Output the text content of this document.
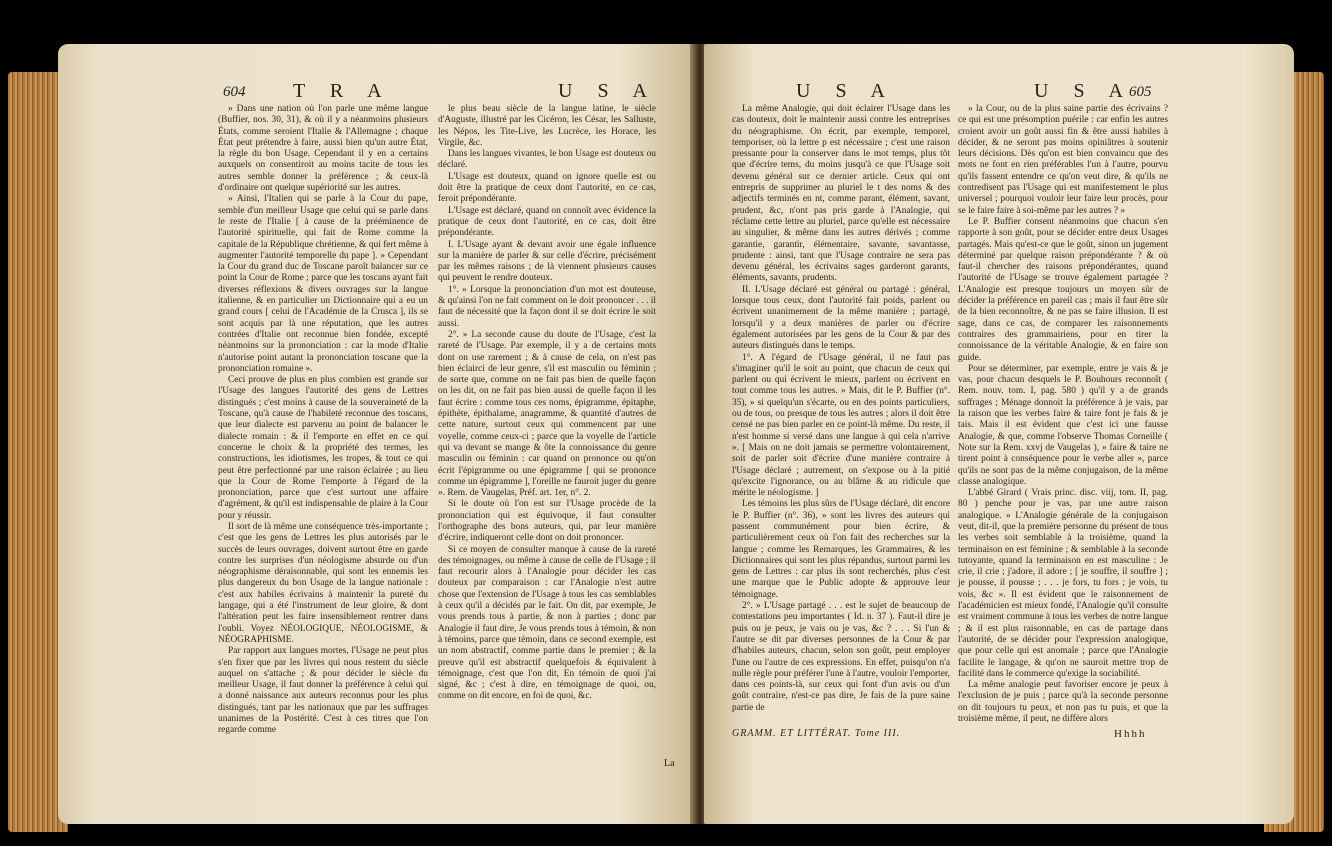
604 T R A	U S A

» Dans une nation où l'on parle une même langue (Buffier, nos. 30, 31), & où il y a néanmoins plusieurs États, comme seroient l'Italie & l'Allemagne ; chaque État peut prétendre à faire, aussi bien qu'un autre État, la règle du bon Usage. Cependant il y en a certains auxquels on consentiroit au moins tacite de tous les autres semble donner la préférence ; & ceux-là d'ordinaire ont quelque supériorité sur les autres.

» Ainsi, l'Italien qui se parle à la Cour du pape, semble d'un meilleur Usage que celui qui se parle dans le reste de l'Italie [ à cause de la prééminence de l'autorité spirituelle, qui fait de Rome comme la capitale de la République chrétienne, & qui fert même à augmenter l'autorité temporelle du pape ]. » Cependant la Cour du grand duc de Toscane paroît balancer sur ce point la Cour de Rome ; parce que les toscans ayant fait diverses réflexions & divers ouvrages sur la langue italienne, & en particulier un Dictionnaire qui a eu un grand cours [ celui de l'Académie de la Crusca ], ils se sont acquis par là une réputation, que les autres contrées d'Italie ont reconnue bien fondée, excepté néanmoins sur la prononciation : car la mode d'Italie n'autorise point autant la prononciation toscane que la prononciation romaine ».

Ceci prouve de plus en plus combien est grande sur l'Usage des langues l'autorité des gens de Lettres distingués ; c'est moins à cause de la souveraineté de la Toscane, qu'à cause de l'habileté reconnue des toscans, que leur dialecte est parvenu au point de balancer le dialecte romain : & il l'emporte en effet en ce qui concerne le choix & la propriété des termes, les constructions, les idiotismes, les tropes, & tout ce qui peut être perfectionné par une raison éclairée ; au lieu que la Cour de Rome l'emporte à l'égard de la prononciation, parce que c'est surtout une affaire d'agrément, & qu'il est indispensable de plaire à la Cour pour y réussir.

Il sort de là même une conséquence très-importante ; c'est que les gens de Lettres les plus autorisés par le succès de leurs ouvrages, doivent surtout être en garde contre les surprises d'un néologisme absurde ou d'un néographisme déraisonnable, qui sont les ennemis les plus dangereux du bon Usage de la langue nationale : c'est aux habiles écrivains à maintenir la pureté du langage, qui a été l'instrument de leur gloire, & dont l'altération peut les faire insensiblement rentrer dans l'oubli. Voyez NÉOLOGIQUE, NÉOLOGISME, & NÉOGRAPHISME.

Par rapport aux langues mortes, l'Usage ne peut plus s'en fixer que par les livres qui nous restent du siècle auquel on s'attache ; & pour décider le siècle du meilleur Usage, il faut donner la préférence à celui qui a donné naissance aux auteurs reconnus pour les plus distingués, tant par les nationaux que par les suffrages unanimes de la Postérité. C'est à ces titres que l'on regarde comme

le plus beau siècle de la langue latine, le siècle d'Auguste, illustré par les Cicéron, les César, les Salluste, les Népos, les Tite-Live, les Lucrèce, les Horace, les Virgile, &c.

Dans les langues vivantes, le bon Usage est douteux ou déclaré.

L'Usage est douteux, quand on ignore quelle est ou doit être la pratique de ceux dont l'autorité, en ce cas, feroit prépondérante.

L'Usage est déclaré, quand on connoît avec évidence la pratique de ceux dont l'autorité, en ce cas, doit être prépondérante.

I. L'Usage ayant & devant avoir une égale influence sur la manière de parler & sur celle d'écrire, précisément par les mêmes raisons ; de là viennent plusieurs causes qui peuvent le rendre douteux.

1°. » Lorsque la prononciation d'un mot est douteuse, & qu'ainsi l'on ne fait comment on le doit prononcer . . . il faut de nécessité que la façon dont il se doit écrire le soit aussi.

2°. » La seconde cause du doute de l'Usage, c'est la rareté de l'Usage. Par exemple, il y a de certains mots dont on use rarement ; & à cause de cela, on n'est pas bien éclairci de leur genre, s'il est masculin ou féminin ; de sorte que, comme on ne fait pas bien de quelle façon on les dit, on ne fait pas bien aussi de quelle façon il les faut écrire : comme tous ces noms, épigramme, épitaphe, épithète, épithalame, anagramme, & quantité d'autres de cette nature, surtout ceux qui commencent par une voyelle, comme ceux-ci ; parce que la voyelle de l'article qui va devant se mange & ôte la connoissance du genre masculin ou féminin : car quand on prononce ou qu'on écrit l'épigramme ou une épigramme [ qui se prononce comme un épigramme ], l'oreille ne fauroit juger du genre ». Rem. de Vaugelas, Préf. art. 1er, n°. 2.

Si le doute où l'on est sur l'Usage procède de la prononciation qui est équivoque, il faut consulter l'orthographe des bons auteurs, qui, par leur manière d'écrire, indiqueront celle dont on doit prononcer.

Si ce moyen de consulter manque à cause de la rareté des témoignages, ou même à cause de celle de l'Usage ; il faut recourir alors à l'Analogie pour décider les cas douteux par comparaison : car l'Analogie n'est autre chose que l'extension de l'Usage à tous les cas semblables à ceux qu'il a décidés par le fait. On dit, par exemple, Je vous prends tous à partie, & non à parties ; donc par Analogie il faut dire, Je vous prends tous à témoin, & non à témoins, parce que témoin, dans ce second exemple, est un nom abstractif, comme partie dans le premier ; & la preuve qu'il est abstractif quelquefois & équivalent à témoignage, c'est que l'on dit, En témoin de quoi j'ai signé, &c ; c'est à dire, en témoignage de quoi, ou, comme on dit encore, en foi de quoi, &c.

La
U S A	U S A
605

La même Analogie, qui doit éclairer l'Usage dans les cas douteux, doit le maintenir aussi contre les entreprises du néographisme. On écrit, par exemple, temporel, temporiser, où la lettre p est nécessaire ; c'est une raison pressante pour la conserver dans le mot temps, plus tôt que d'écrire tems, du moins jusqu'à ce que l'Usage soit devenu général sur ce dernier article. Ceux qui ont entrepris de supprimer au pluriel le t des noms & des adjectifs terminés en nt, comme parant, élément, savant, prudent, &c, n'ont pas pris garde à l'Analogie, qui réclame cette lettre au pluriel, parce qu'elle est nécessaire au singulier, & même dans les autres dérivés ; comme garantie, garantir, élémentaire, savante, savantasse, prudente : ainsi, tant que l'Usage contraire ne sera pas devenu général, les écrivains sages garderont garants, éléments, savants, prudents.

II. L'Usage déclaré est général ou partagé : général, lorsque tous ceux, dont l'autorité fait poids, parlent ou écrivent unanimement de la même manière ; partagé, lorsqu'il y a deux manières de parler ou d'écrire également autorisées par les gens de la Cour & par des auteurs distingués dans le temps.

1°. A l'égard de l'Usage général, il ne faut pas s'imaginer qu'il le soit au point, que chacun de ceux qui parlent ou qui écrivent le mieux, parlent ou écrivent en tout comme tous les autres. » Mais, dit le P. Buffier (n°. 35), » si quelqu'un s'écarte, ou en des points particuliers, ou de tous, ou presque de tous les autres ; alors il doit être censé ne pas bien parler en ce point-là même. Du reste, il n'est homme si versé dans une langue à qui cela n'arrive ». [ Mais on ne doit jamais se permettre volontairement, soit de parler soit d'écrire d'une manière contraire à l'Usage déclaré ; autrement, on s'expose ou à la pitié qu'excite l'ignorance, ou au blâme & au ridicule que mérite le néologisme. ]

Les témoins les plus sûrs de l'Usage déclaré, dit encore le P. Buffier (n°. 36), » sont les livres des auteurs qui passent communément pour bien écrire, & particulièrement ceux où l'on fait des recherches sur la langue ; comme les Remarques, les Grammaires, & les Dictionnaires qui sont les plus répandus, surtout parmi les gens de Lettres : car plus ils sont recherchés, plus c'est une marque que le Public adopte & approuve leur témoignage.

2°. » L'Usage partagé . . . est le sujet de beaucoup de contestations peu importantes ( Id. n. 37 ). Faut-il dire je puis ou je peux, je vais ou je vas, &c ? . . . Si l'un & l'autre se dit par diverses personnes de la Cour & par d'habiles auteurs, chacun, selon son goût, peut employer l'une ou l'autre de ces expressions. En effet, puisqu'on n'a nulle règle pour préférer l'une à l'autre, vouloir l'emporter, dans ces points-là, sur ceux qui font d'un avis ou d'un goût contraire, n'est-ce pas dire, Je fais de la pure saine partie de

» la Cour, ou de la plus saine partie des écrivains ? ce qui est une présomption puérile : car enfin les autres croient avoir un goût aussi fin & être aussi habiles à décider, & ne seront pas moins opiniâtres à soutenir leurs décisions. Dès qu'on est bien convaincu que des mots ne font en rien préférables l'un à l'autre, pourvu qu'ils fassent entendre ce qu'on veut dire, & qu'ils ne contredisent pas l'Usage qui est manifestement le plus universel ; pourquoi vouloir leur faire leur procès, pour se le faire faire à soi-même par les autres ? »

Le P. Buffier consent néanmoins que chacun s'en rapporte à son goût, pour se décider entre deux Usages partagés. Mais qu'est-ce que le goût, sinon un jugement déterminé par quelque raison prépondérante ? & où faut-il chercher des raisons prépondérantes, quand l'autorité de l'Usage se trouve également partagée ? L'Analogie est presque toujours un moyen sûr de décider la préférence en pareil cas ; mais il faut être sûr de la bien reconnoître, & ne pas se faire illusion. Il est sage, dans ce cas, de comparer les raisonnements contraires des grammairiens, pour en tirer la connoissance de la véritable Analogie, & en faire son guide.

Pour se déterminer, par exemple, entre je vais & je vas, pour chacun desquels le P. Bouhours reconnoît ( Rem. nouv. tom. I, pag. 580 ) qu'il y a de grands suffrages ; Ménage donnoit la préférence à je vais, par la raison que les verbes faire & taire font je fais & je tais. Mais il est évident que c'est ici une fausse Analogie, & que, comme l'observe Thomas Corneille ( Note sur la Rem. xxvj de Vaugelas ), » faire & taire ne tirent point à conséquence pour le verbe aller », parce qu'ils ne sont pas de la même conjugaison, de la même classe analogique.

L'abbé Girard ( Vrais princ. disc. viij, tom. II, pag. 80 ) penche pour je vas, par une autre raison analogique. » L'Analogie générale de la conjugaison veut, dit-il, que la première personne du présent de tous les verbes soit semblable à la troisième, quand la terminaison en est féminine ; & semblable à la seconde tutoyante, quand la terminaison en est masculine : Je crie, il crie ; j'adore, il adore ; [ je souffre, il souffre ] ; je pousse, il pousse ; . . . je fors, tu fors ; je vois, tu vois, &c ». Il est évident que le raisonnement de l'académicien est mieux fondé, l'Analogie qu'il consulte est vraiment commune à tous les verbes de notre langue ; & il est plus raisonnable, en cas de partage dans l'autorité, de se décider pour l'expression analogique, que pour celle qui est anomale ; parce que l'Analogie facilite le langage, & qu'on ne sauroit mettre trop de facilité dans le commerce qu'exige la sociabilité.

La même analogie peut favoriser encore je peux à l'exclusion de je puis ; parce qu'à la seconde personne on dit toujours tu peux, et non pas tu puis, et que la troisième même, il peut, ne diffère alors

GRAMM. ET LITTÉRAT. Tome III.	Hhhh
